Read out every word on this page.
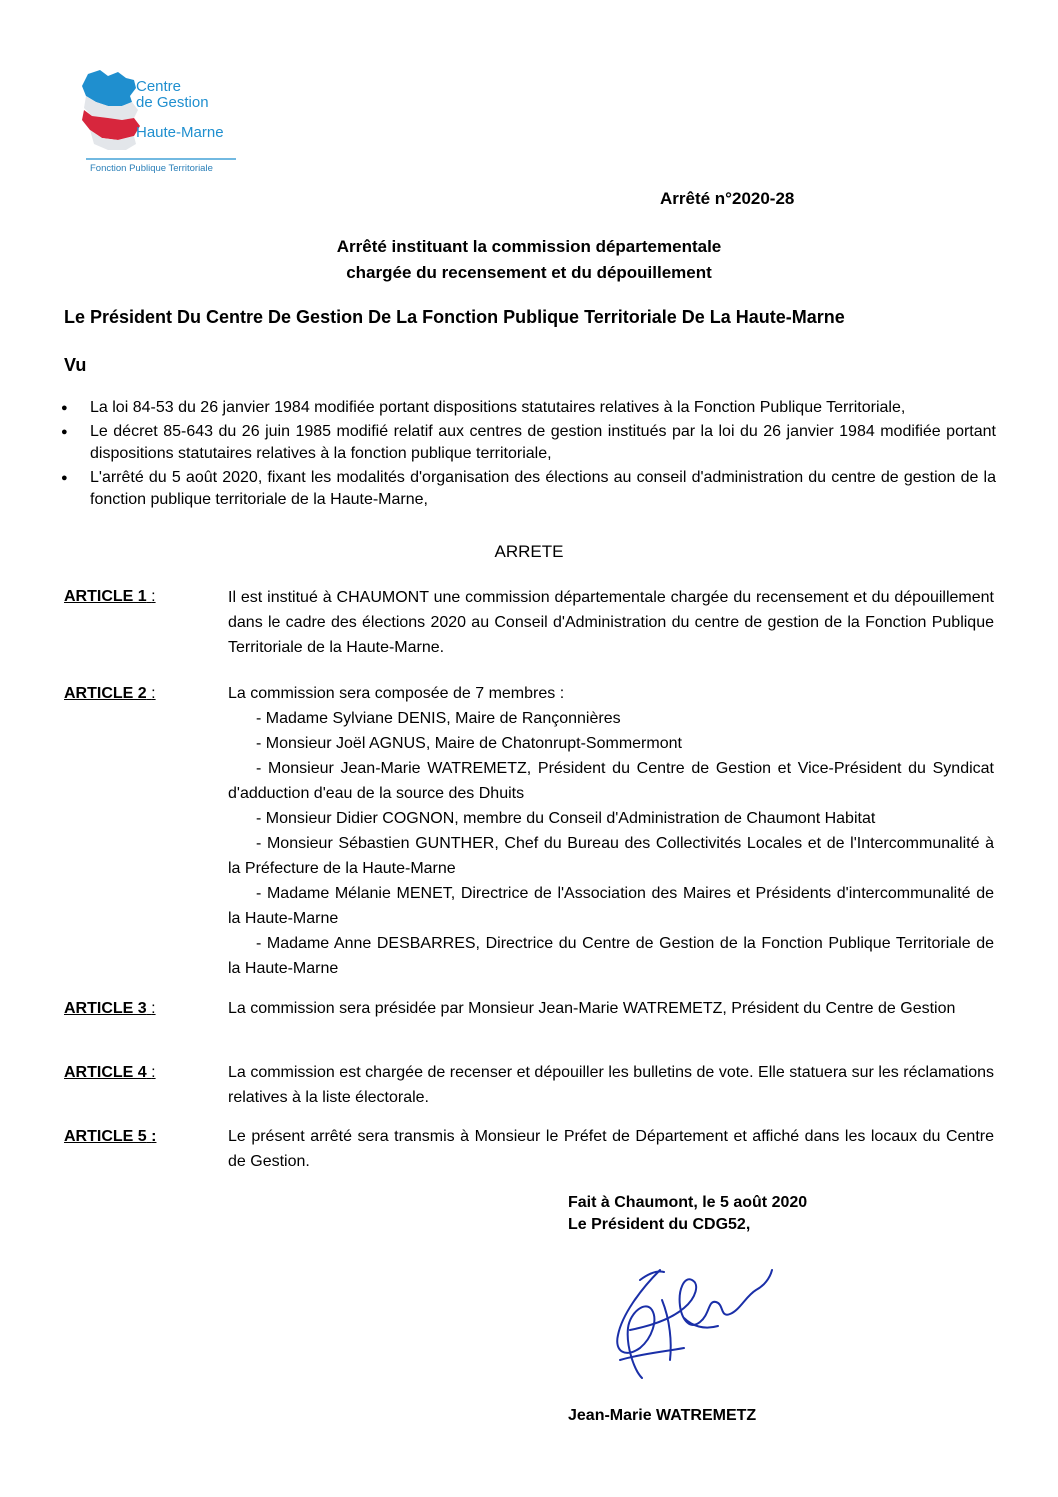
Centre
de Gestion
Haute-Marne
Fonction Publique Territoriale
Arrêté n°2020-28
Arrêté instituant la commission départementale
chargée du recensement et du dépouillement
Le Président Du Centre De Gestion De La Fonction Publique Territoriale De La Haute-Marne
Vu
● La loi 84-53 du 26 janvier 1984 modifiée portant dispositions statutaires relatives à la Fonction Publique Territoriale,
● Le décret 85-643 du 26 juin 1985 modifié relatif aux centres de gestion institués par la loi du 26 janvier 1984 modifiée portant dispositions statutaires relatives à la fonction publique territoriale,
● L'arrêté du 5 août 2020, fixant les modalités d'organisation des élections au conseil d'administration du centre de gestion de la fonction publique territoriale de la Haute-Marne,
ARRETE
ARTICLE 1 :	Il est institué à CHAUMONT une commission départementale chargée du recensement et du dépouillement dans le cadre des élections 2020 au Conseil d'Administration du centre de gestion de la Fonction Publique Territoriale de la Haute-Marne.
ARTICLE 2 :	La commission sera composée de 7 membres :
- Madame Sylviane DENIS, Maire de Rançonnières
- Monsieur Joël AGNUS, Maire de Chatonrupt-Sommermont
- Monsieur Jean-Marie WATREMETZ, Président du Centre de Gestion et Vice-Président du Syndicat d'adduction d'eau de la source des Dhuits
- Monsieur Didier COGNON, membre du Conseil d'Administration de Chaumont Habitat
- Monsieur Sébastien GUNTHER, Chef du Bureau des Collectivités Locales et de l'Intercommunalité à la Préfecture de la Haute-Marne
- Madame Mélanie MENET, Directrice de l'Association des Maires et Présidents d'intercommunalité de la Haute-Marne
- Madame Anne DESBARRES, Directrice du Centre de Gestion de la Fonction Publique Territoriale de la Haute-Marne
ARTICLE 3 :	La commission sera présidée par Monsieur Jean-Marie WATREMETZ, Président du Centre de Gestion
ARTICLE 4 :	La commission est chargée de recenser et dépouiller les bulletins de vote. Elle statuera sur les réclamations relatives à la liste électorale.
ARTICLE 5 :	Le présent arrêté sera transmis à Monsieur le Préfet de Département et affiché dans les locaux du Centre de Gestion.
Fait à Chaumont, le 5 août 2020
Le Président du CDG52,
Jean-Marie WATREMETZ
